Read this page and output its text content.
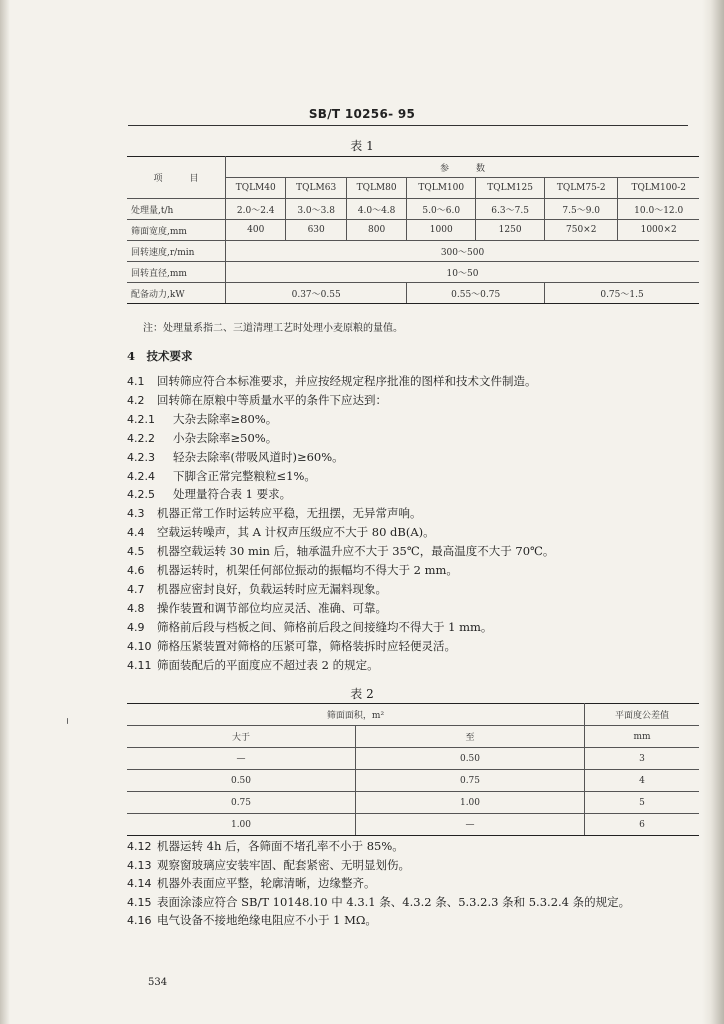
SB/T 10256- 95
表 1
项　　　目	参　　　数						
	TQLM40	TQLM63	TQLM80	TQLM100	TQLM125	TQLM75-2	TQLM100-2
处理量,t/h	2.0～2.4	3.0～3.8	4.0～4.8	5.0～6.0	6.3～7.5	7.5～9.0	10.0～12.0
筛面宽度,mm	400	630	800	1000	1250	750×2	1000×2
回转速度,r/min	300～500						
回转直径,mm	10～50						
配备动力,kW	0.37～0.55			0.55～0.75		0.75～1.5	
注：处理量系指二、三道清理工艺时处理小麦原粮的量值。
4　技术要求
4.1 回转筛应符合本标准要求，并应按经规定程序批准的图样和技术文件制造。
4.2 回转筛在原粮中等质量水平的条件下应达到：
4.2.1 大杂去除率≥80%。
4.2.2 小杂去除率≥50%。
4.2.3 轻杂去除率(带吸风道时)≥60%。
4.2.4 下脚含正常完整粮粒≤1%。
4.2.5 处理量符合表 1 要求。
4.3 机器正常工作时运转应平稳，无扭摆，无异常声响。
4.4 空载运转噪声，其 A 计权声压级应不大于 80 dB(A)。
4.5 机器空载运转 30 min 后，轴承温升应不大于 35℃，最高温度不大于 70℃。
4.6 机器运转时，机架任何部位振动的振幅均不得大于 2 mm。
4.7 机器应密封良好，负载运转时应无漏料现象。
4.8 操作装置和调节部位均应灵活、准确、可靠。
4.9 筛格前后段与档板之间、筛格前后段之间接缝均不得大于 1 mm。
4.10 筛格压紧装置对筛格的压紧可靠，筛格装拆时应轻便灵活。
4.11 筛面装配后的平面度应不超过表 2 的规定。
表 2
筛面面积，m²		平面度公差值
大于	至	mm
—	0.50	3
0.50	0.75	4
0.75	1.00	5
1.00	—	6
4.12 机器运转 4h 后，各筛面不堵孔率不小于 85%。
4.13 观察窗玻璃应安装牢固、配套紧密、无明显划伤。
4.14 机器外表面应平整，轮廓清晰，边缘整齐。
4.15 表面涂漆应符合 SB/T 10148.10 中 4.3.1 条、4.3.2 条、5.3.2.3 条和 5.3.2.4 条的规定。
4.16 电气设备不接地绝缘电阻应不小于 1 MΩ。
534
